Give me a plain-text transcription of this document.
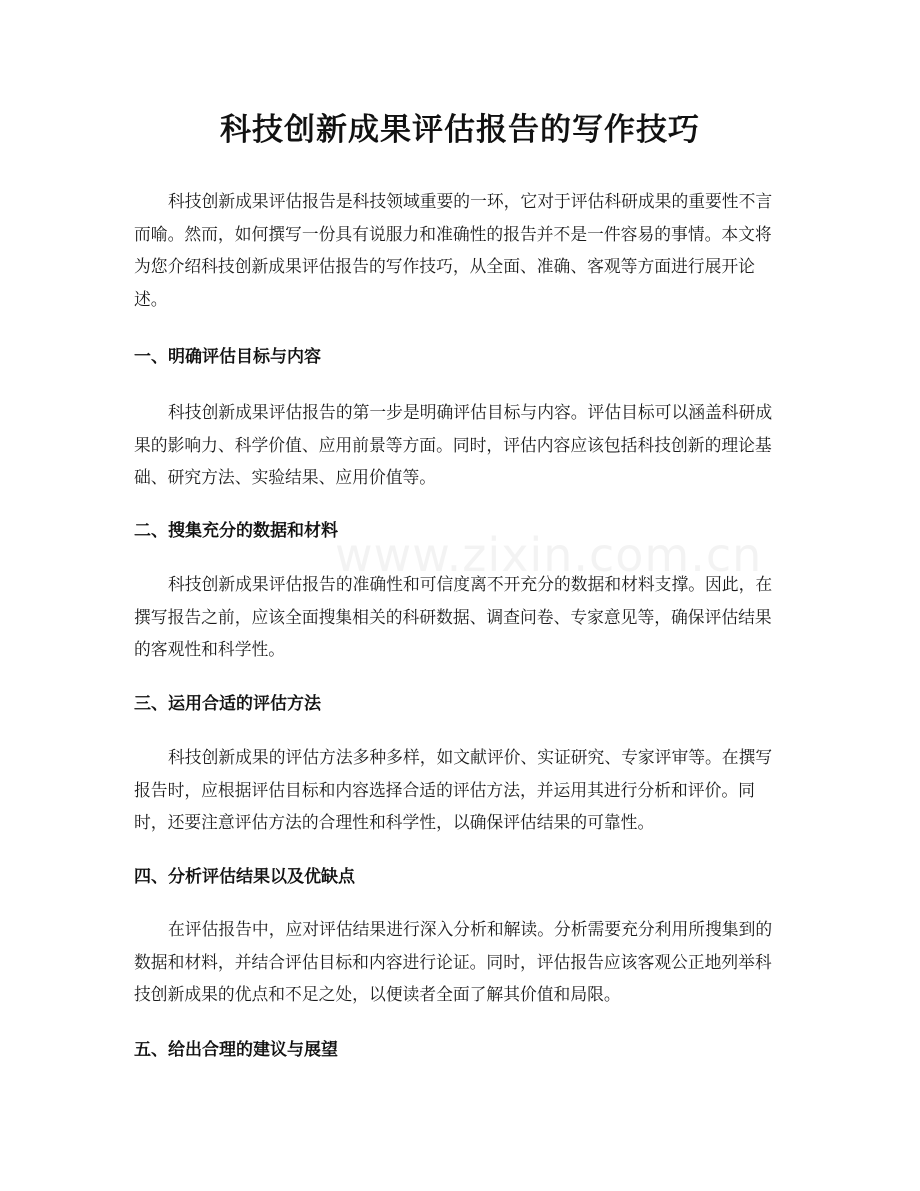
科技创新成果评估报告的写作技巧

科技创新成果评估报告是科技领域重要的一环，它对于评估科研成果的重要性不言而喻。然而，如何撰写一份具有说服力和准确性的报告并不是一件容易的事情。本文将为您介绍科技创新成果评估报告的写作技巧，从全面、准确、客观等方面进行展开论述。

一、明确评估目标与内容

科技创新成果评估报告的第一步是明确评估目标与内容。评估目标可以涵盖科研成果的影响力、科学价值、应用前景等方面。同时，评估内容应该包括科技创新的理论基础、研究方法、实验结果、应用价值等。

二、搜集充分的数据和材料

科技创新成果评估报告的准确性和可信度离不开充分的数据和材料支撑。因此，在撰写报告之前，应该全面搜集相关的科研数据、调查问卷、专家意见等，确保评估结果的客观性和科学性。

三、运用合适的评估方法

科技创新成果的评估方法多种多样，如文献评价、实证研究、专家评审等。在撰写报告时，应根据评估目标和内容选择合适的评估方法，并运用其进行分析和评价。同时，还要注意评估方法的合理性和科学性，以确保评估结果的可靠性。

四、分析评估结果以及优缺点

在评估报告中，应对评估结果进行深入分析和解读。分析需要充分利用所搜集到的数据和材料，并结合评估目标和内容进行论证。同时，评估报告应该客观公正地列举科技创新成果的优点和不足之处，以便读者全面了解其价值和局限。

五、给出合理的建议与展望
www.zixin.com.cn
